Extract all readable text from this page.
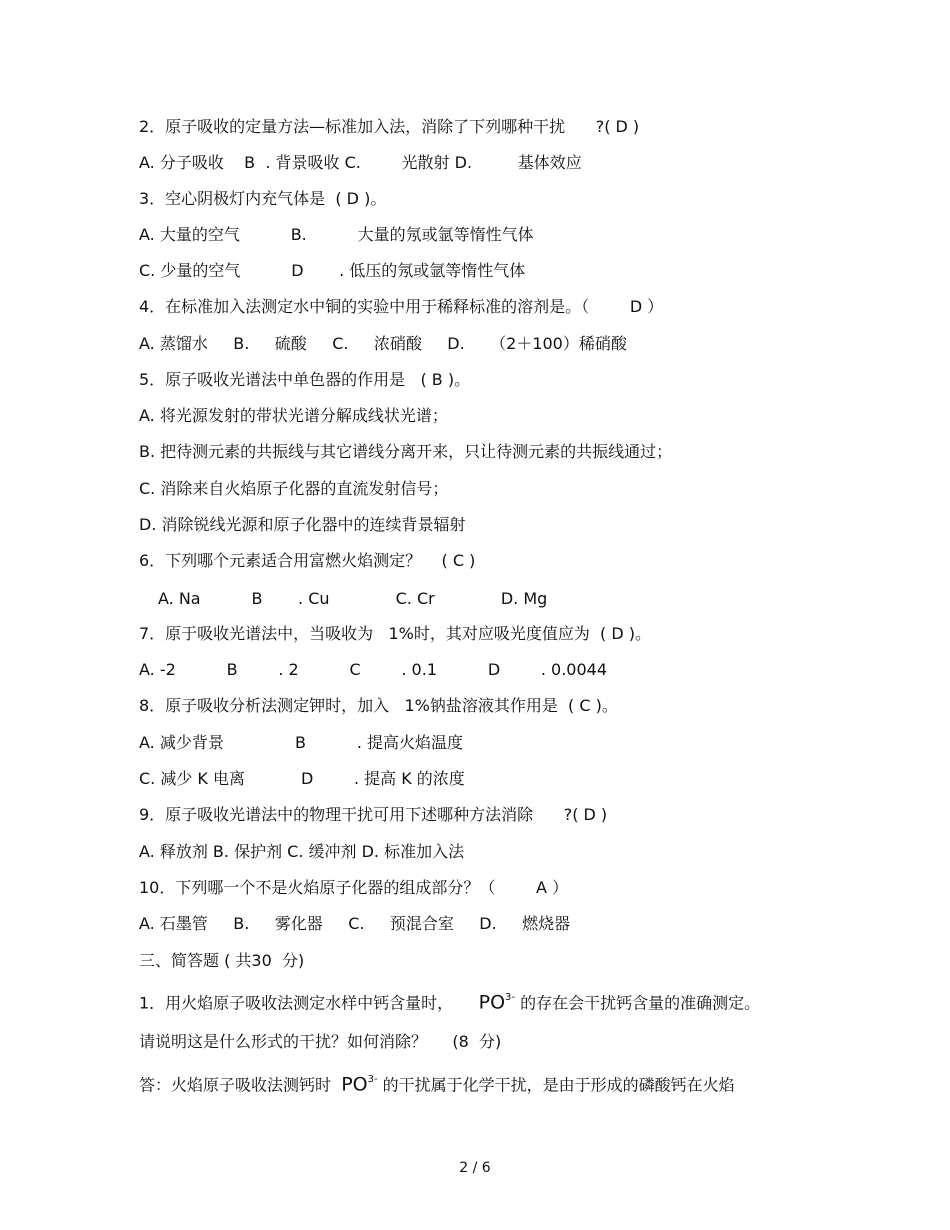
2．原子吸收的定量方法—标准加入法，消除了下列哪种干扰      ?( D )
A. 分子吸收    B  . 背景吸收 C.        光散射 D.         基体效应
3．空心阴极灯内充气体是  ( D )。
A. 大量的空气          B.          大量的氖或氩等惰性气体
C. 少量的空气          D       . 低压的氖或氩等惰性气体
4．在标准加入法测定水中铜的实验中用于稀释标准的溶剂是。（        D ）
A. 蒸馏水     B.     硫酸     C.     浓硝酸     D.     （2＋100）稀硝酸
5．原子吸收光谱法中单色器的作用是   ( B )。
A. 将光源发射的带状光谱分解成线状光谱；
B. 把待测元素的共振线与其它谱线分离开来，只让待测元素的共振线通过；
C. 消除来自火焰原子化器的直流发射信号；
D. 消除锐线光源和原子化器中的连续背景辐射
6．下列哪个元素适合用富燃火焰测定？    ( C )
A. Na          B       . Cu             C. Cr             D. Mg
7．原于吸收光谱法中，当吸收为   1%时，其对应吸光度值应为  ( D )。
A. -2          B        . 2          C        . 0.1          D        . 0.0044
8．原子吸收分析法测定钾时，加入   1%钠盐溶液其作用是  ( C )。
A. 减少背景              B          . 提高火焰温度
C. 减少 K 电离           D        . 提高 K 的浓度
9．原子吸收光谱法中的物理干扰可用下述哪种方法消除      ?( D )
A. 释放剂 B. 保护剂 C. 缓冲剂 D. 标准加入法
10．下列哪一个不是火焰原子化器的组成部分？（        A ）
A. 石墨管     B.     雾化器     C.     预混合室     D.     燃烧器
三、简答题 ( 共30  分)
1．用火焰原子吸收法测定水样中钙含量时，     $PO^{3-}$ 的存在会干扰钙含量的准确测定。
请说明这是什么形式的干扰？如何消除？     (8  分)
答：火焰原子吸收法测钙时  $PO^{3-}$ 的干扰属于化学干扰，是由于形成的磷酸钙在火焰
2 / 6
